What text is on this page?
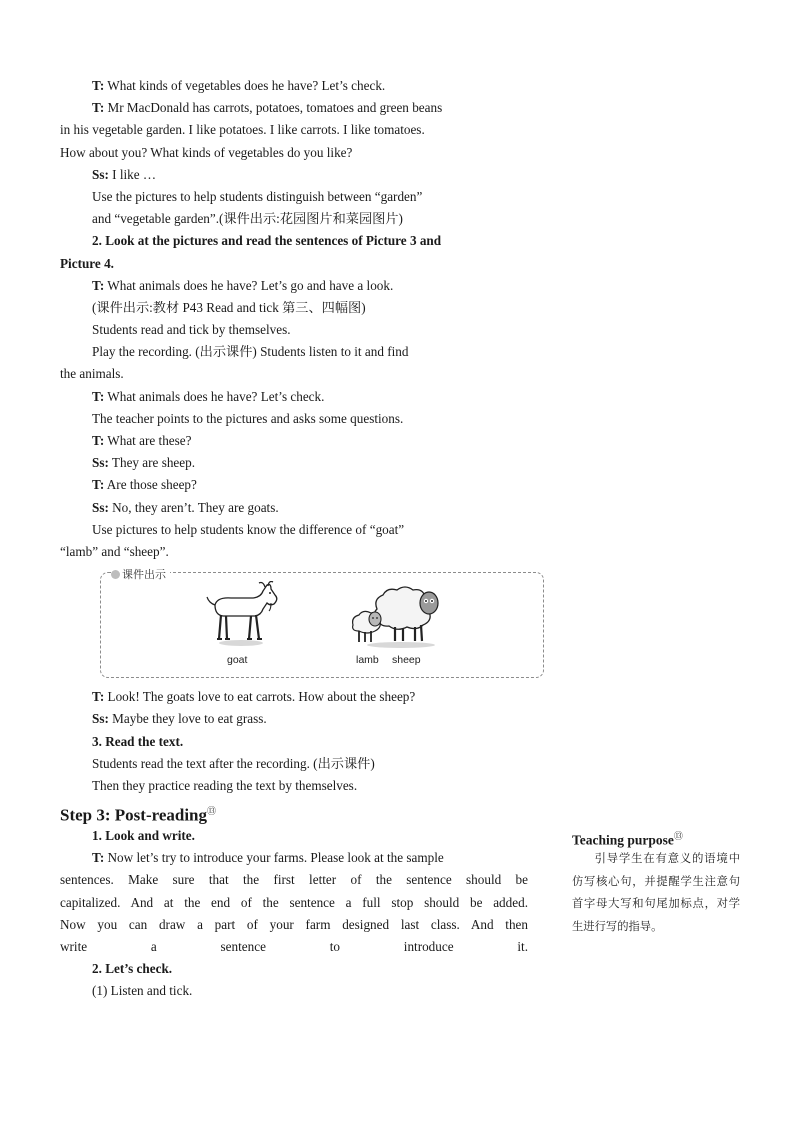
T: What kinds of vegetables does he have? Let’s check.
T: Mr MacDonald has carrots, potatoes, tomatoes and green beans
in his vegetable garden. I like potatoes. I like carrots. I like tomatoes.
How about you? What kinds of vegetables do you like?
Ss: I like …
Use the pictures to help students distinguish between “garden”
and “vegetable garden”.(课件出示:花园图片和菜园图片)
2. Look at the pictures and read the sentences of Picture 3 and
Picture 4.
T: What animals does he have? Let’s go and have a look.
(课件出示:教材 P43 Read and tick 第三、四幅图)
Students read and tick by themselves.
Play the recording. (出示课件) Students listen to it and find
the animals.
T: What animals does he have? Let’s check.
The teacher points to the pictures and asks some questions.
T: What are these?
Ss: They are sheep.
T: Are those sheep?
Ss: No, they aren’t. They are goats.
Use pictures to help students know the difference of “goat”
“lamb” and “sheep”.
课件出示
goat	lamb sheep
T: Look! The goats love to eat carrots. How about the sheep?
Ss: Maybe they love to eat grass.
3. Read the text.
Students read the text after the recording. (出示课件)
Then they practice reading the text by themselves.
Step 3: Post-reading⑬
1. Look and write.
T: Now let’s try to introduce your farms. Please look at the sample
sentences. Make sure that the first letter of the sentence should be
capitalized. And at the end of the sentence a full stop should be added.
Now you can draw a part of your farm designed last class. And then
write a sentence to introduce it.
2. Let’s check.
(1) Listen and tick.
Teaching purpose⑬
引导学生在有意义的语境中仿写核心句，并提醒学生注意句首字母大写和句尾加标点，对学生进行写的指导。
